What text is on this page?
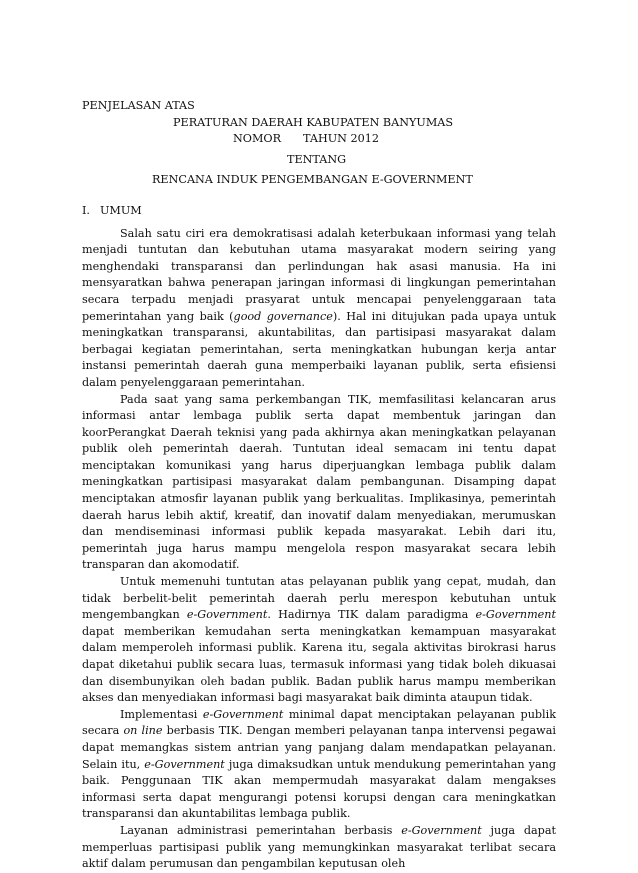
PENJELASAN ATAS
PERATURAN DAERAH KABUPATEN BANYUMAS
NOMOR TAHUN 2012
TENTANG
RENCANA INDUK PENGEMBANGAN E-GOVERNMENT
I. UMUM

Salah satu ciri era demokratisasi adalah keterbukaan informasi yang telah menjadi tuntutan dan kebutuhan utama masyarakat modern seiring yang menghendaki transparansi dan perlindungan hak asasi manusia. Ha ini mensyaratkan bahwa penerapan jaringan informasi di lingkungan pemerintahan secara terpadu menjadi prasyarat untuk mencapai penyelenggaraan tata pemerintahan yang baik (good governance). Hal ini ditujukan pada upaya untuk meningkatkan transparansi, akuntabilitas, dan partisipasi masyarakat dalam berbagai kegiatan pemerintahan, serta meningkatkan hubungan kerja antar instansi pemerintah daerah guna memperbaiki layanan publik, serta efisiensi dalam penyelenggaraan pemerintahan.

Pada saat yang sama perkembangan TIK, memfasilitasi kelancaran arus informasi antar lembaga publik serta dapat membentuk jaringan dan koorPerangkat Daerah teknisi yang pada akhirnya akan meningkatkan pelayanan publik oleh pemerintah daerah. Tuntutan ideal semacam ini tentu dapat menciptakan komunikasi yang harus diperjuangkan lembaga publik dalam meningkatkan partisipasi masyarakat dalam pembangunan. Disamping dapat menciptakan atmosfir layanan publik yang berkualitas. Implikasinya, pemerintah daerah harus lebih aktif, kreatif, dan inovatif dalam menyediakan, merumuskan dan mendiseminasi informasi publik kepada masyarakat. Lebih dari itu, pemerintah juga harus mampu mengelola respon masyarakat secara lebih transparan dan akomodatif.

Untuk memenuhi tuntutan atas pelayanan publik yang cepat, mudah, dan tidak berbelit-belit pemerintah daerah perlu merespon kebutuhan untuk mengembangkan e-Government. Hadirnya TIK dalam paradigma e-Government dapat memberikan kemudahan serta meningkatkan kemampuan masyarakat dalam memperoleh informasi publik. Karena itu, segala aktivitas birokrasi harus dapat diketahui publik secara luas, termasuk informasi yang tidak boleh dikuasai dan disembunyikan oleh badan publik. Badan publik harus mampu memberikan akses dan menyediakan informasi bagi masyarakat baik diminta ataupun tidak.

Implementasi e-Government minimal dapat menciptakan pelayanan publik secara on line berbasis TIK. Dengan memberi pelayanan tanpa intervensi pegawai dapat memangkas sistem antrian yang panjang dalam mendapatkan pelayanan. Selain itu, e-Government juga dimaksudkan untuk mendukung pemerintahan yang baik. Penggunaan TIK akan mempermudah masyarakat dalam mengakses informasi serta dapat mengurangi potensi korupsi dengan cara meningkatkan transparansi dan akuntabilitas lembaga publik.

Layanan administrasi pemerintahan berbasis e-Government juga dapat memperluas partisipasi publik yang memungkinkan masyarakat terlibat secara aktif dalam perumusan dan pengambilan keputusan oleh
